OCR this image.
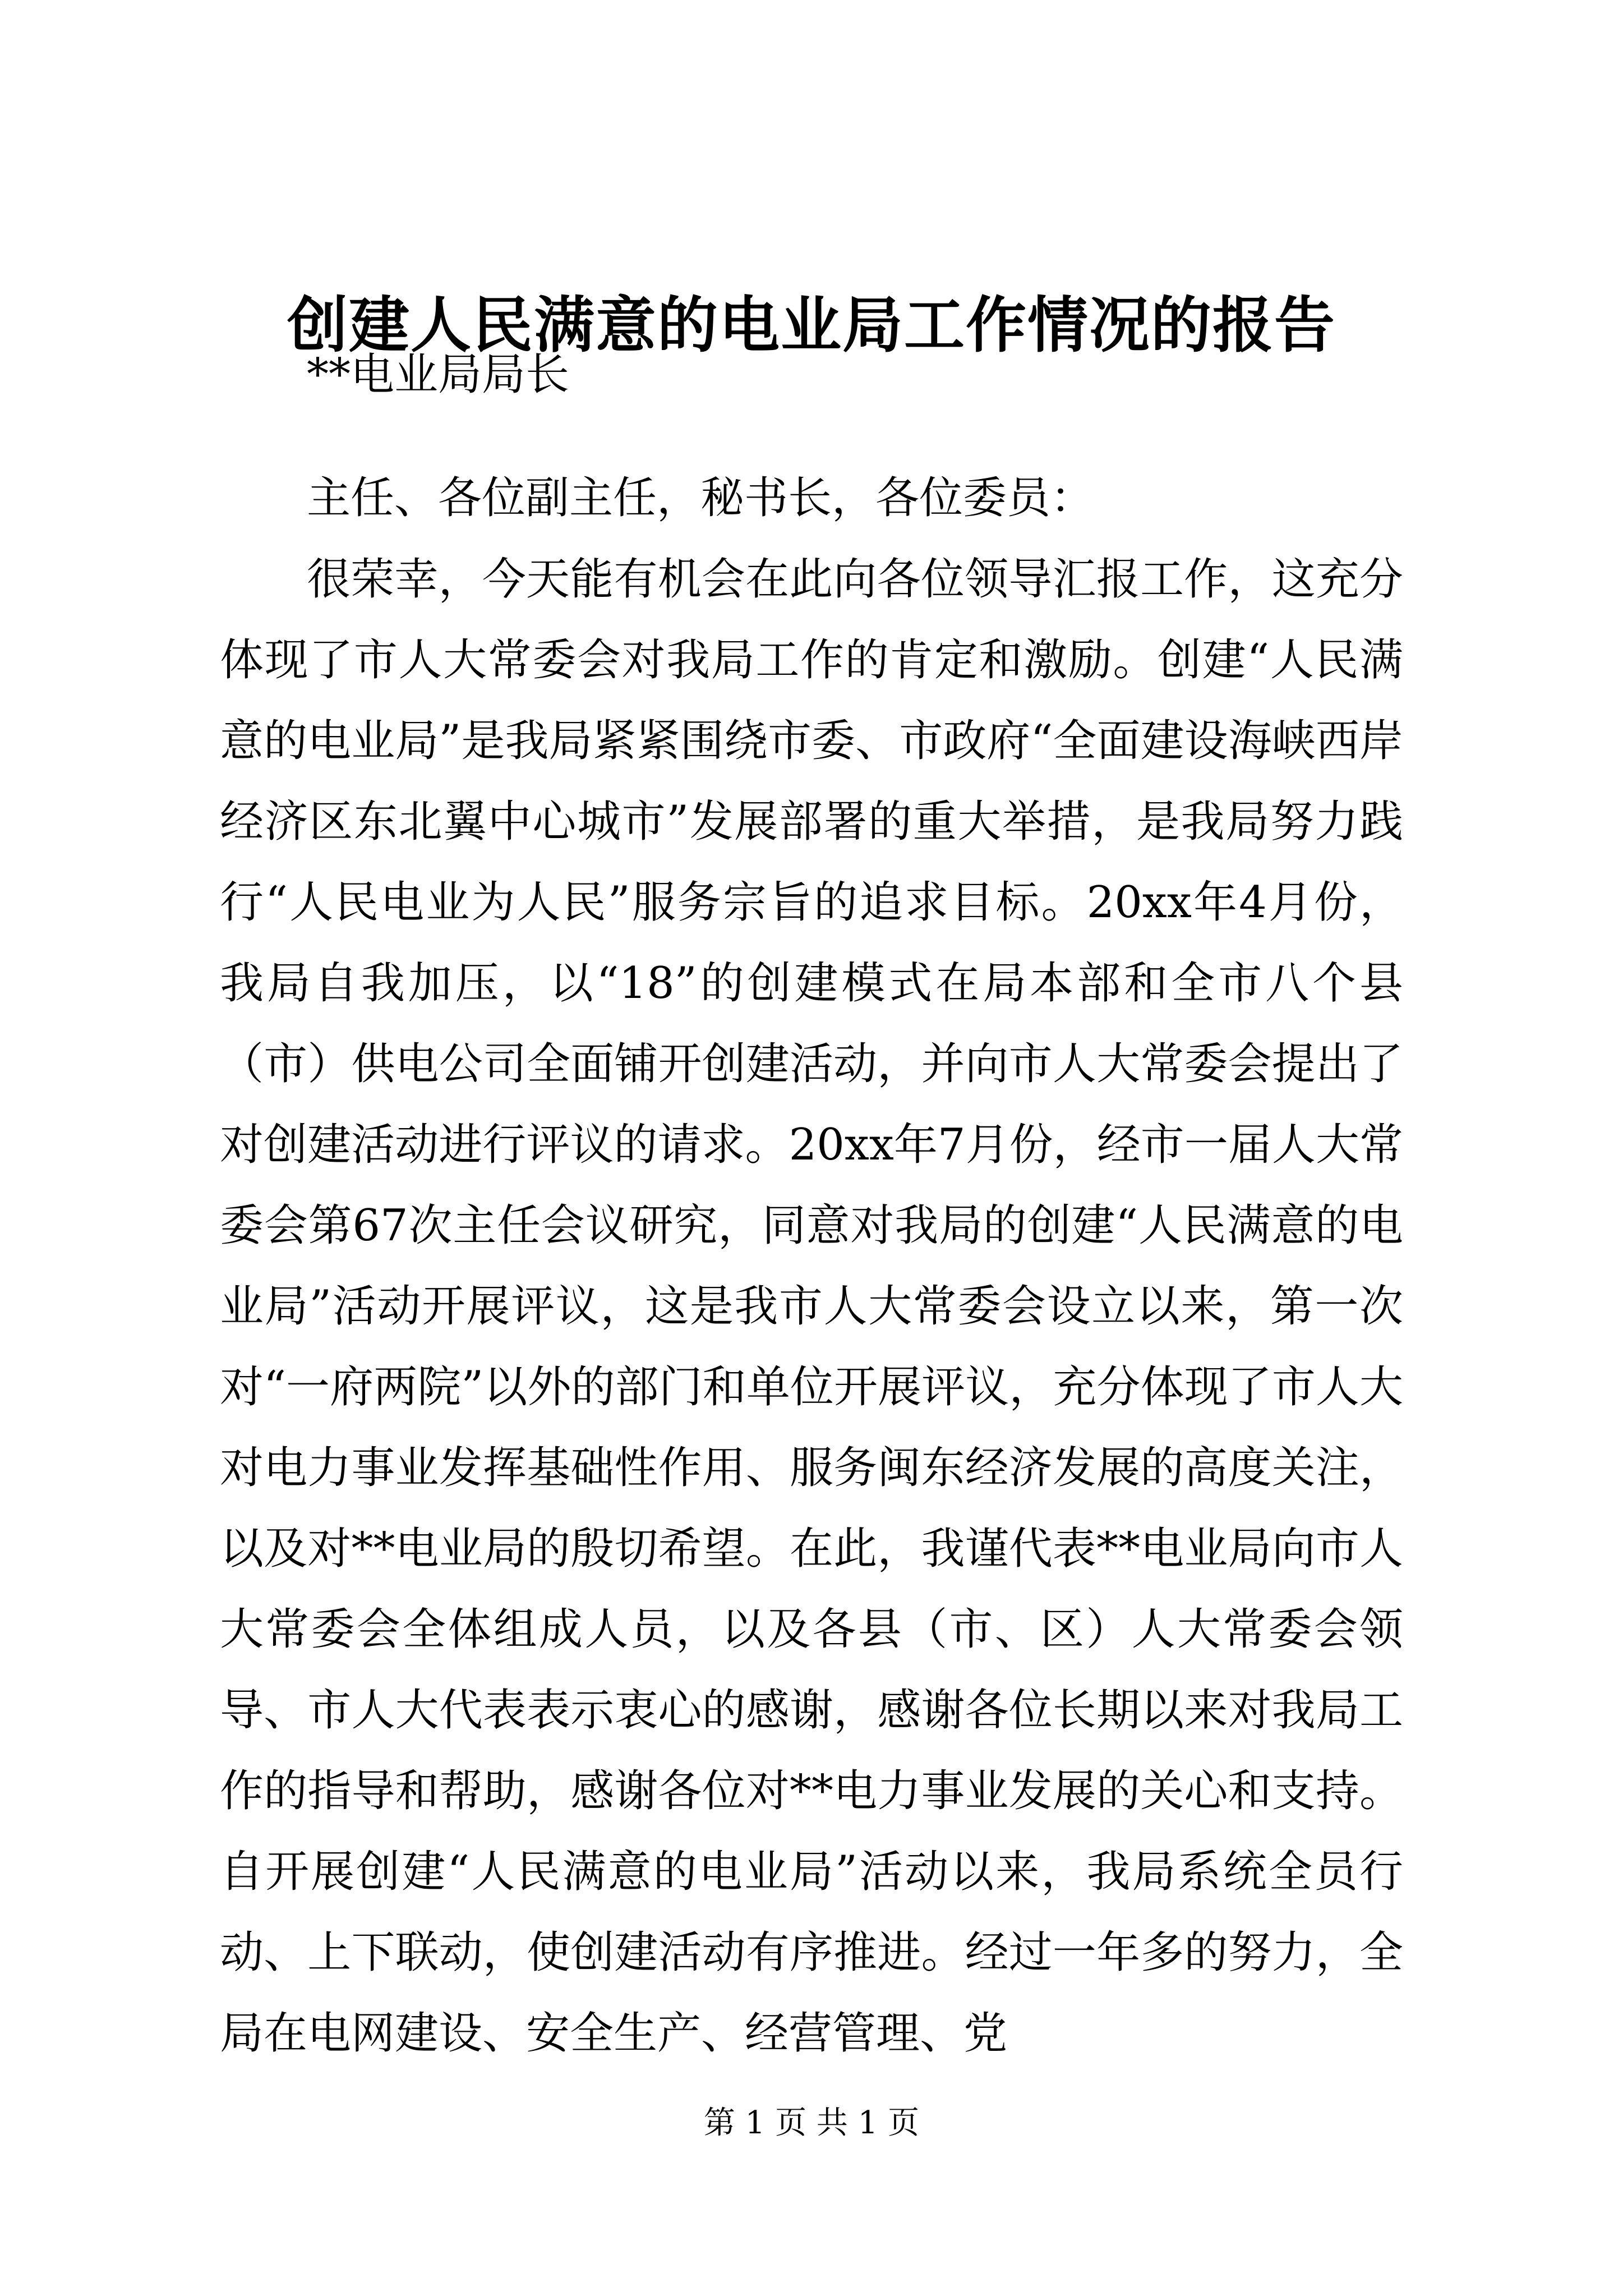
创建人民满意的电业局工作情况的报告
**电业局局长
主任、各位副主任，秘书长，各位委员：
很荣幸，今天能有机会在此向各位领导汇报工作，这充分体现了市人大常委会对我局工作的肯定和激励。创建“人民满意的电业局”是我局紧紧围绕市委、市政府“全面建设海峡西岸经济区东北翼中心城市”发展部署的重大举措，是我局努力践行“人民电业为人民”服务宗旨的追求目标。20xx年4月份，我局自我加压，以“18”的创建模式在局本部和全市八个县（市）供电公司全面铺开创建活动，并向市人大常委会提出了对创建活动进行评议的请求。20xx年7月份，经市一届人大常委会第67次主任会议研究，同意对我局的创建“人民满意的电业局”活动开展评议，这是我市人大常委会设立以来，第一次对“一府两院”以外的部门和单位开展评议，充分体现了市人大对电力事业发挥基础性作用、服务闽东经济发展的高度关注，以及对**电业局的殷切希望。在此，我谨代表**电业局向市人大常委会全体组成人员，以及各县（市、区）人大常委会领导、市人大代表表示衷心的感谢，感谢各位长期以来对我局工作的指导和帮助，感谢各位对**电力事业发展的关心和支持。自开展创建“人民满意的电业局”活动以来，我局系统全员行动、上下联动，使创建活动有序推进。经过一年多的努力，全局在电网建设、安全生产、经营管理、党
第 1 页 共 1 页
